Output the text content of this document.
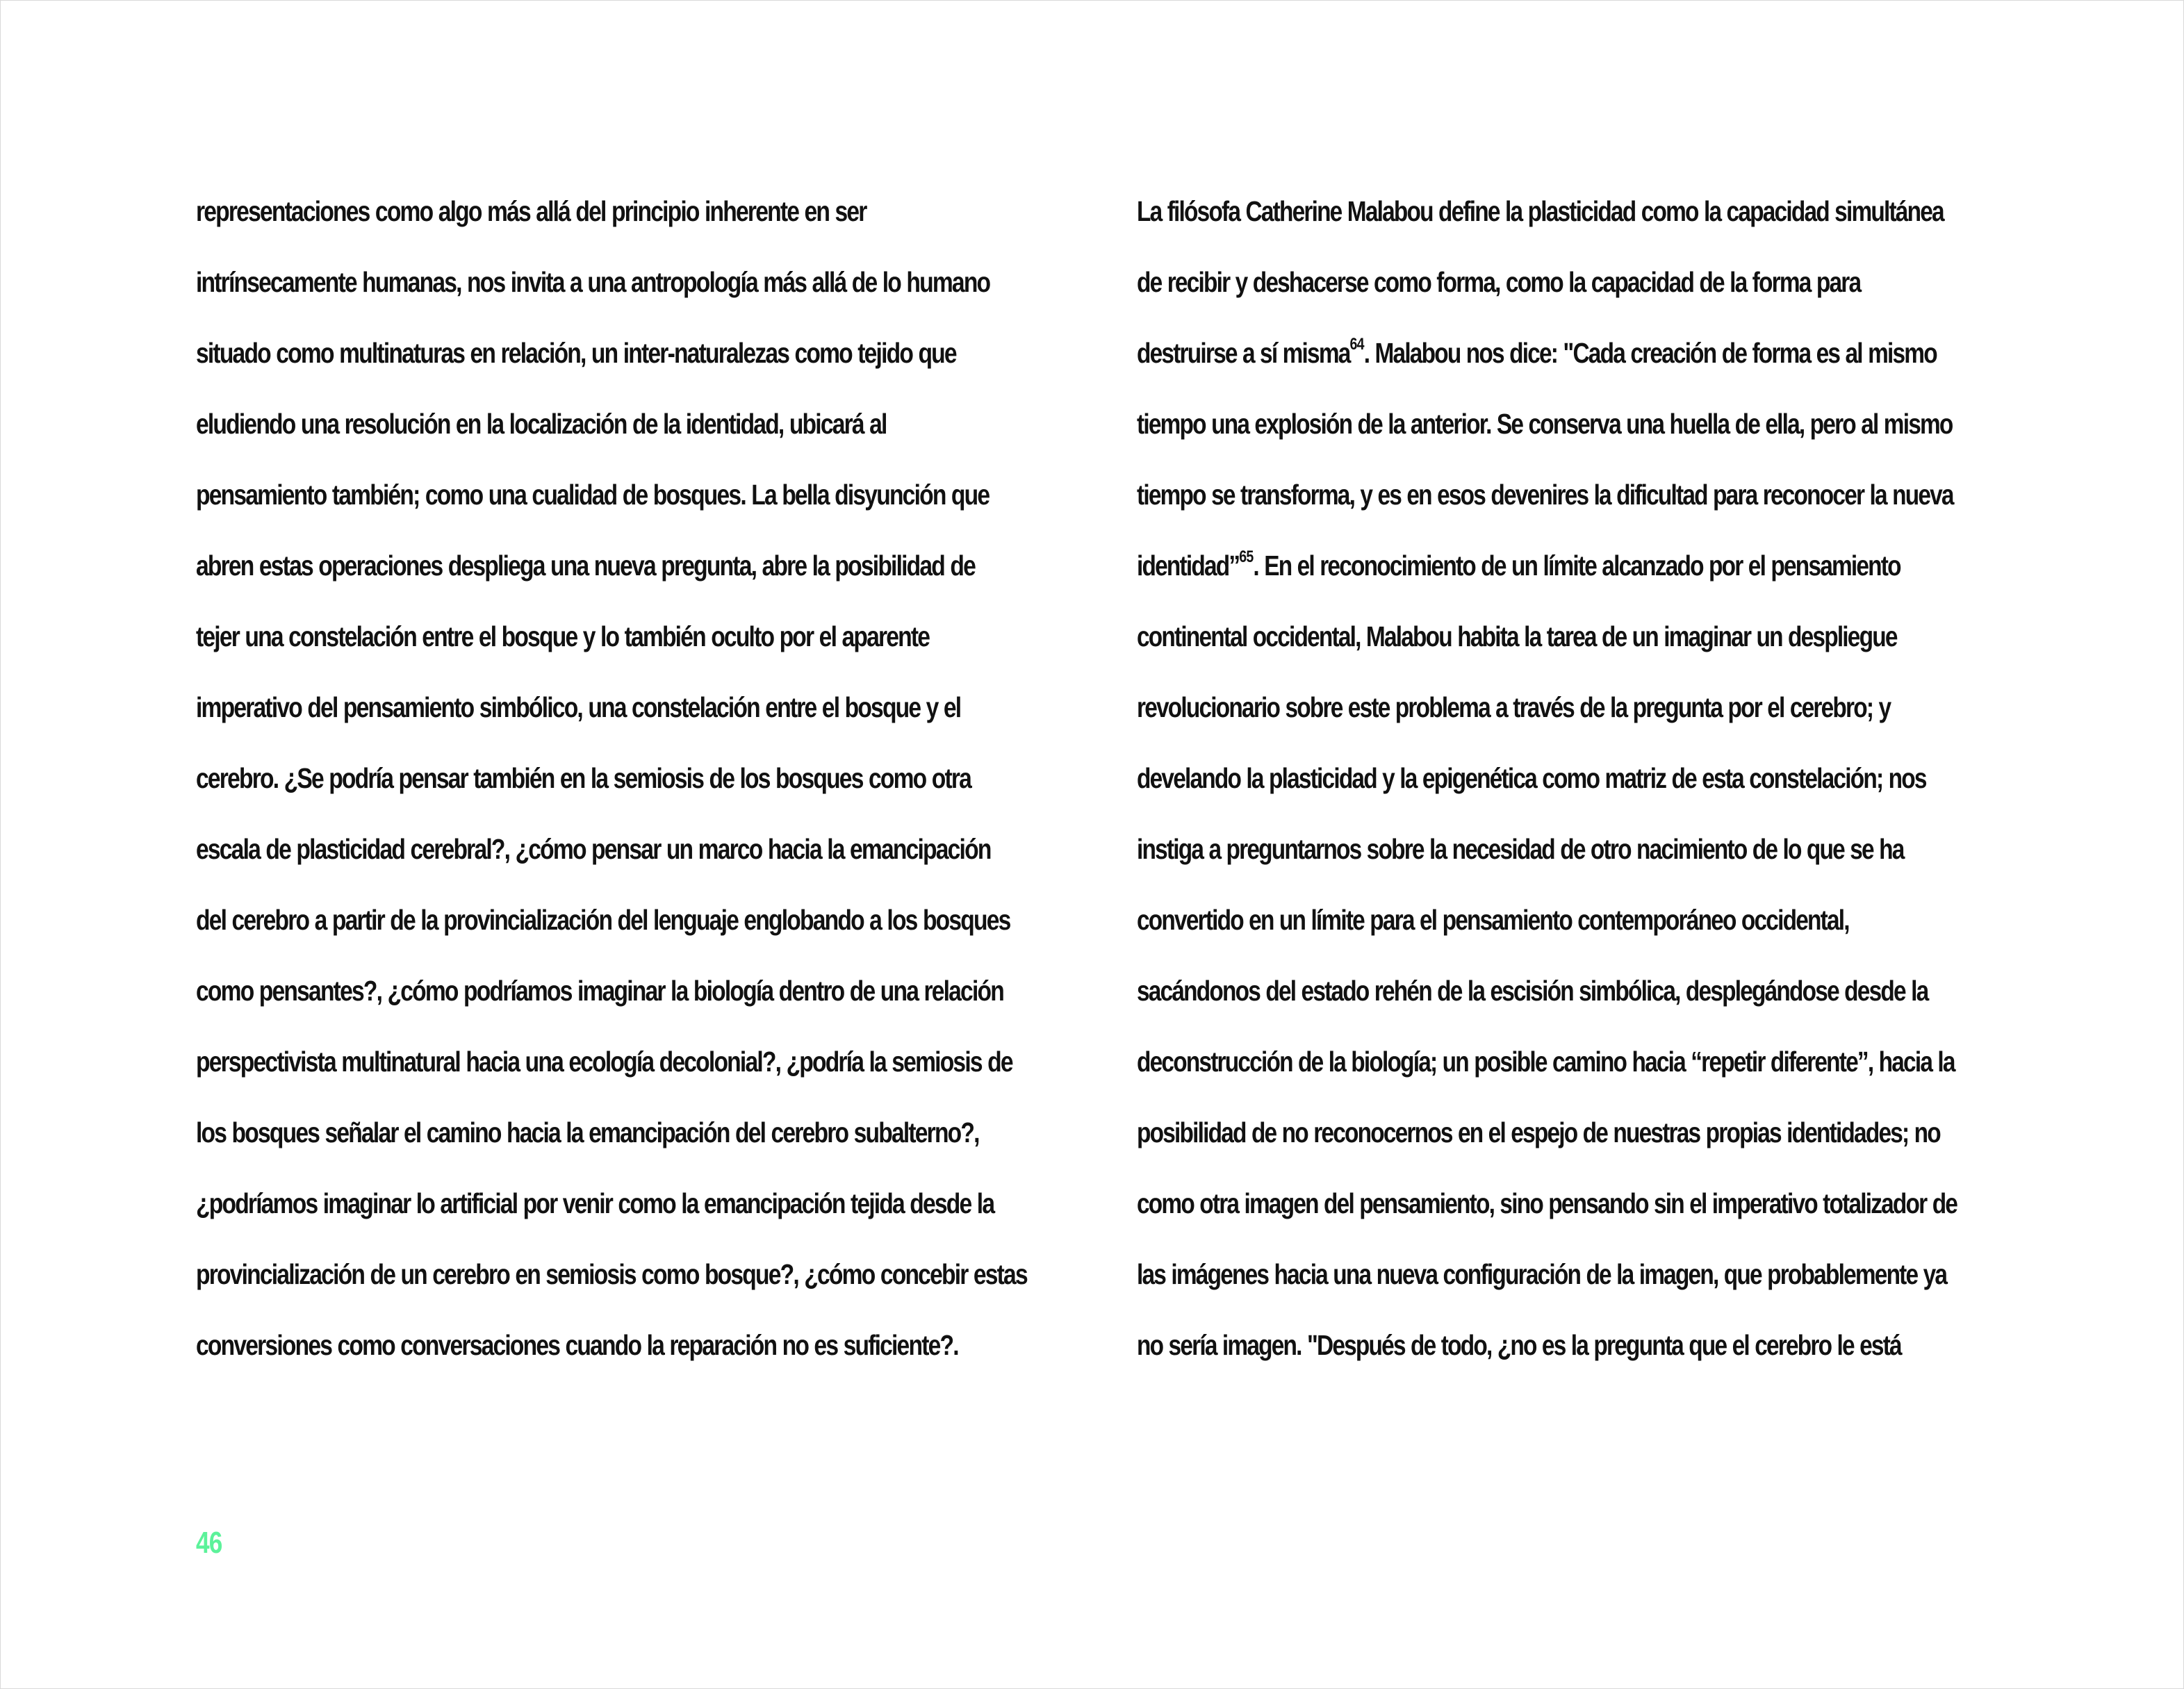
representaciones como algo más allá del principio inherente en ser
intrínsecamente humanas, nos invita a una antropología más allá de lo humano
situado como multinaturas en relación, un inter-naturalezas como tejido que
eludiendo una resolución en la localización de la identidad, ubicará al
pensamiento también; como una cualidad de bosques. La bella disyunción que
abren estas operaciones despliega una nueva pregunta, abre la posibilidad de
tejer una constelación entre el bosque y lo también oculto por el aparente
imperativo del pensamiento simbólico, una constelación entre el bosque y el
cerebro. ¿Se podría pensar también en la semiosis de los bosques como otra
escala de plasticidad cerebral?, ¿cómo pensar un marco hacia la emancipación
del cerebro a partir de la provincialización del lenguaje englobando a los bosques
como pensantes?, ¿cómo podríamos imaginar la biología dentro de una relación
perspectivista multinatural hacia una ecología decolonial?, ¿podría la semiosis de
los bosques señalar el camino hacia la emancipación del cerebro subalterno?,
¿podríamos imaginar lo artificial por venir como la emancipación tejida desde la
provincialización de un cerebro en semiosis como bosque?, ¿cómo concebir estas
conversiones como conversaciones cuando la reparación no es suficiente?.
La filósofa Catherine Malabou define la plasticidad como la capacidad simultánea
de recibir y deshacerse como forma, como la capacidad de la forma para
destruirse a sí misma$^{64}$. Malabou nos dice: "Cada creación de forma es al mismo
tiempo una explosión de la anterior. Se conserva una huella de ella, pero al mismo
tiempo se transforma, y es en esos devenires la dificultad para reconocer la nueva
identidad”$^{65}$. En el reconocimiento de un límite alcanzado por el pensamiento
continental occidental, Malabou habita la tarea de un imaginar un despliegue
revolucionario sobre este problema a través de la pregunta por el cerebro; y
develando la plasticidad y la epigenética como matriz de esta constelación; nos
instiga a preguntarnos sobre la necesidad de otro nacimiento de lo que se ha
convertido en un límite para el pensamiento contemporáneo occidental,
sacándonos del estado rehén de la escisión simbólica, desplegándose desde la
deconstrucción de la biología; un posible camino hacia “repetir diferente”, hacia la
posibilidad de no reconocernos en el espejo de nuestras propias identidades; no
como otra imagen del pensamiento, sino pensando sin el imperativo totalizador de
las imágenes hacia una nueva configuración de la imagen, que probablemente ya
no sería imagen. "Después de todo, ¿no es la pregunta que el cerebro le está
46
